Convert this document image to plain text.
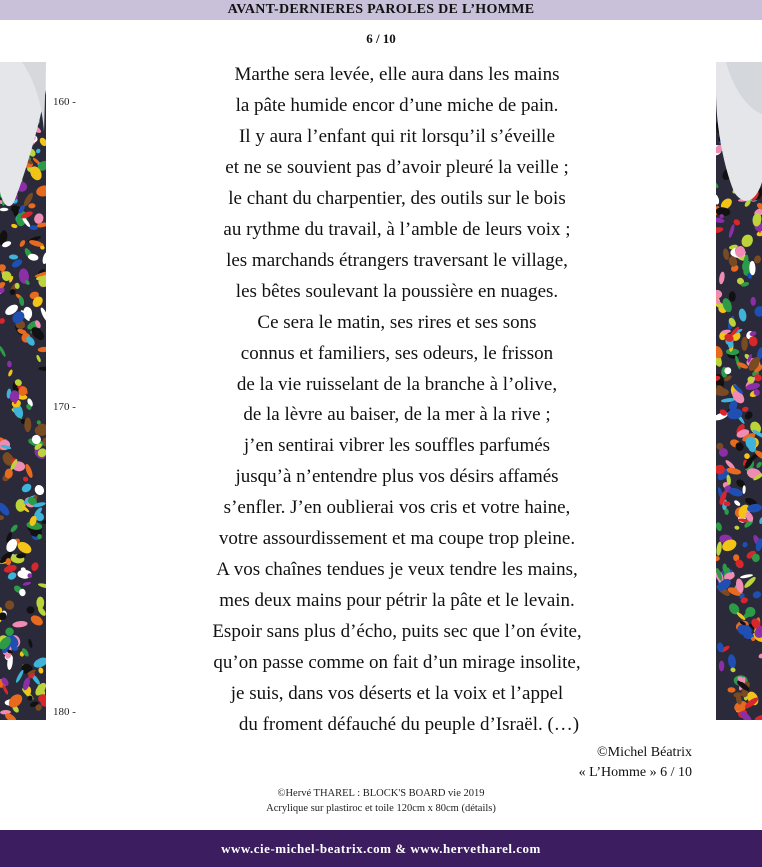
AVANT-DERNIERES PAROLES DE L’HOMME
6 / 10
160 -
170 -
180 -
Marthe sera levée, elle aura dans les mains
la pâte humide encor d’une miche de pain.
Il y aura l’enfant qui rit lorsqu’il s’éveille
et ne se souvient pas d’avoir pleuré la veille ;
le chant du charpentier, des outils sur le bois
au rythme du travail, à l’amble de leurs voix ;
les marchands étrangers traversant le village,
les bêtes soulevant la poussière en nuages.
Ce sera le matin, ses rires et ses sons
connus et familiers, ses odeurs, le frisson
de la vie ruisselant de la branche à l’olive,
de la lèvre au baiser, de la mer à la rive ;
j’en sentirai vibrer les souffles parfumés
jusqu’à n’entendre plus vos désirs affamés
s’enfler. J’en oublierai vos cris et votre haine,
votre assourdissement et ma coupe trop pleine.
A vos chaînes tendues je veux tendre les mains,
mes deux mains pour pétrir la pâte et le levain.
Espoir sans plus d’écho, puits sec que l’on évite,
qu’on passe comme on fait d’un mirage insolite,
je suis, dans vos déserts et la voix et l’appel
du froment défauché du peuple d’Israël. (…)
©Michel Béatrix
« L’Homme » 6 / 10
©Hervé THAREL : BLOCK'S BOARD vie 2019
Acrylique sur plastiroc et toile 120cm x 80cm (détails)
www.cie-michel-beatrix.com & www.hervetharel.com
